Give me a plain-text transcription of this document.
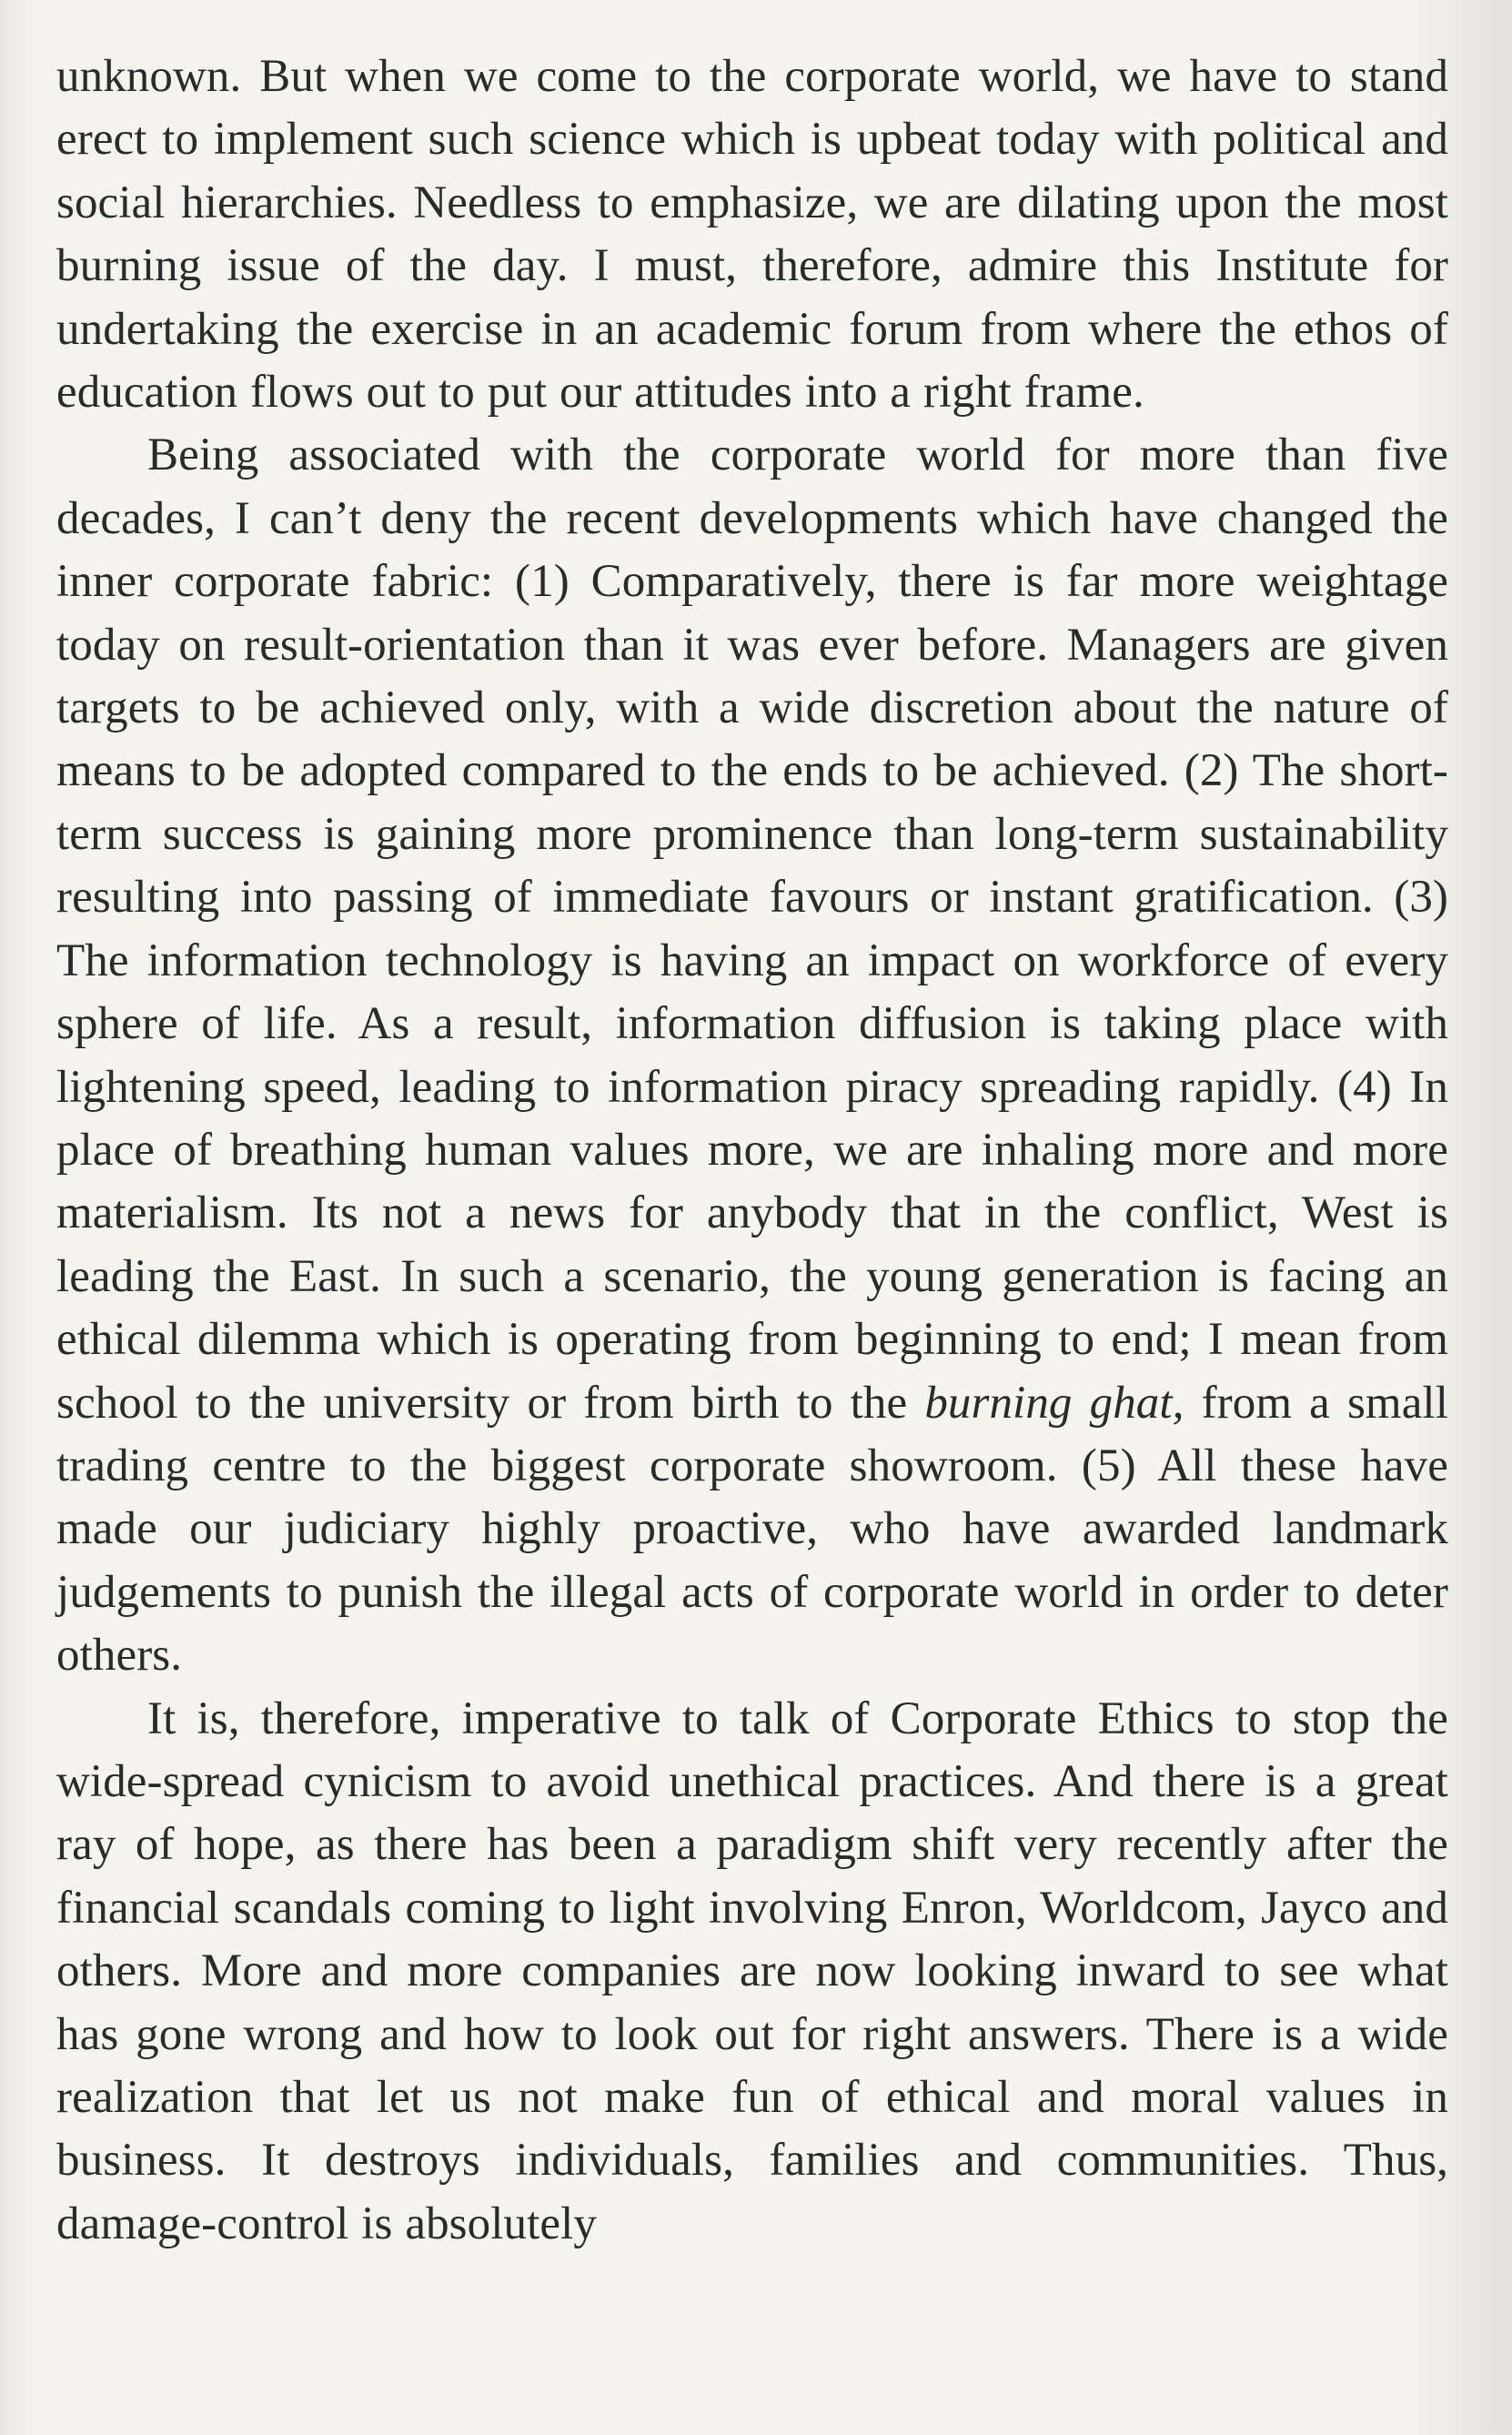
unknown. But when we come to the corporate world, we have to stand erect to implement such science which is upbeat today with political and social hierarchies. Needless to emphasize, we are dilating upon the most burning issue of the day. I must, therefore, admire this Institute for undertaking the exercise in an academic forum from where the ethos of education flows out to put our attitudes into a right frame.

Being associated with the corporate world for more than five decades, I can’t deny the recent developments which have changed the inner corporate fabric: (1) Comparatively, there is far more weightage today on result-orientation than it was ever before. Managers are given targets to be achieved only, with a wide discretion about the nature of means to be adopted compared to the ends to be achieved. (2) The short-term success is gaining more prominence than long-term sustainability resulting into passing of immediate favours or instant gratification. (3) The information technology is having an impact on workforce of every sphere of life. As a result, information diffusion is taking place with lightening speed, leading to information piracy spreading rapidly. (4) In place of breathing human values more, we are inhaling more and more materialism. Its not a news for anybody that in the conflict, West is leading the East. In such a scenario, the young generation is facing an ethical dilemma which is operating from beginning to end; I mean from school to the university or from birth to the burning ghat, from a small trading centre to the biggest corporate showroom. (5) All these have made our judiciary highly proactive, who have awarded landmark judgements to punish the illegal acts of corporate world in order to deter others.

It is, therefore, imperative to talk of Corporate Ethics to stop the wide-spread cynicism to avoid unethical practices. And there is a great ray of hope, as there has been a paradigm shift very recently after the financial scandals coming to light involving Enron, Worldcom, Jayco and others. More and more companies are now looking inward to see what has gone wrong and how to look out for right answers. There is a wide realization that let us not make fun of ethical and moral values in business. It destroys individuals, families and communities. Thus, damage-control is absolutely
